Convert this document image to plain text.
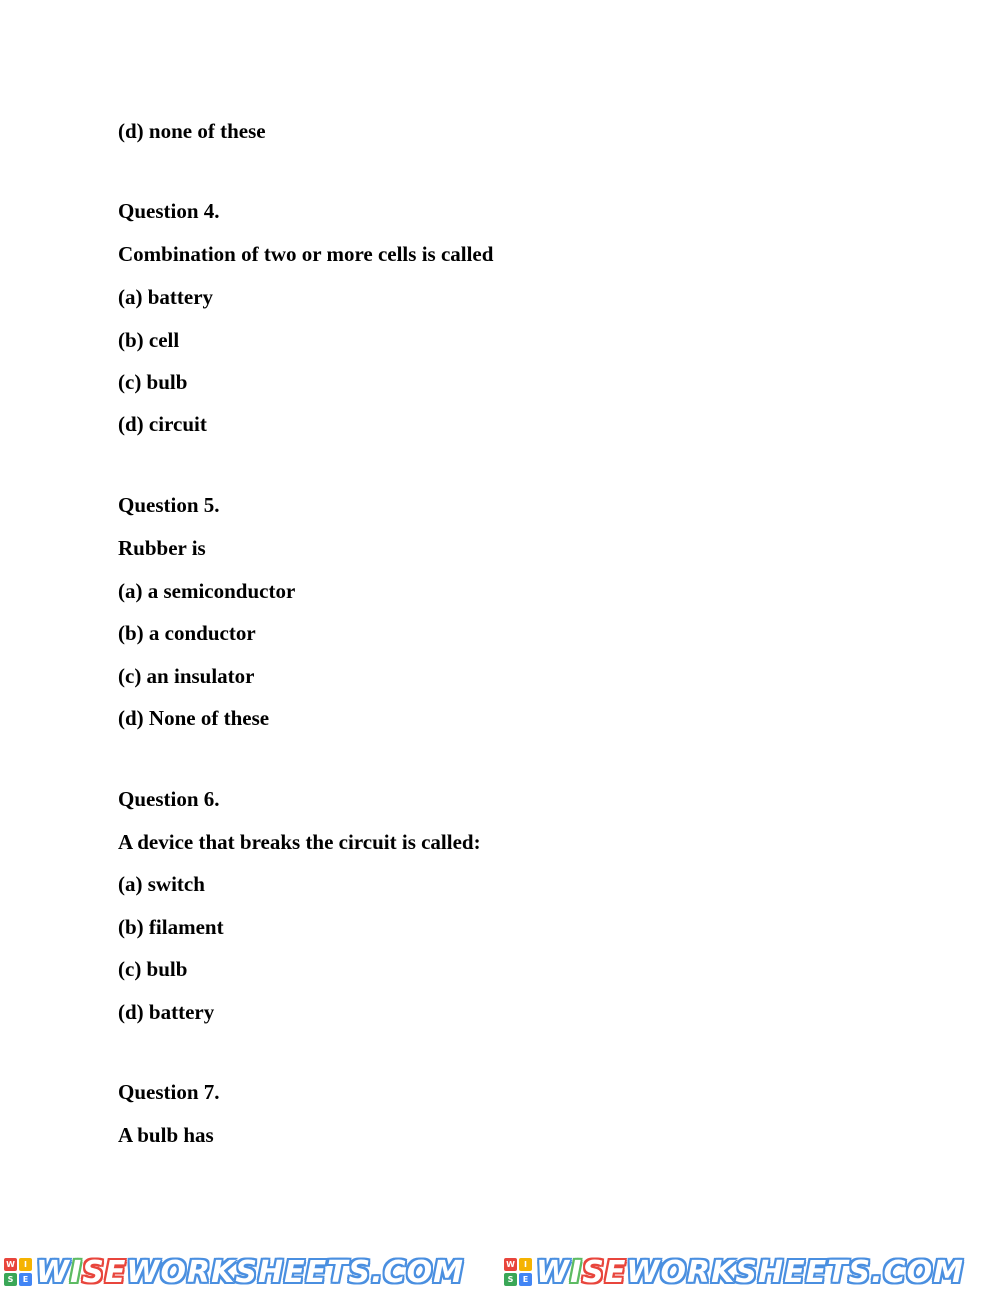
(d) none of these
Question 4.
Combination of two or more cells is called
(a) battery
(b) cell
(c) bulb
(d) circuit
Question 5.
Rubber is
(a) a semiconductor
(b) a conductor
(c) an insulator
(d) None of these
Question 6.
A device that breaks the circuit is called:
(a) switch
(b) filament
(c) bulb
(d) battery
Question 7.
A bulb has
W	I
S	E W I S E W O R K S H E E T S . C O M	W	I
S	E W I S E W O R K S H E E T S . C O M
